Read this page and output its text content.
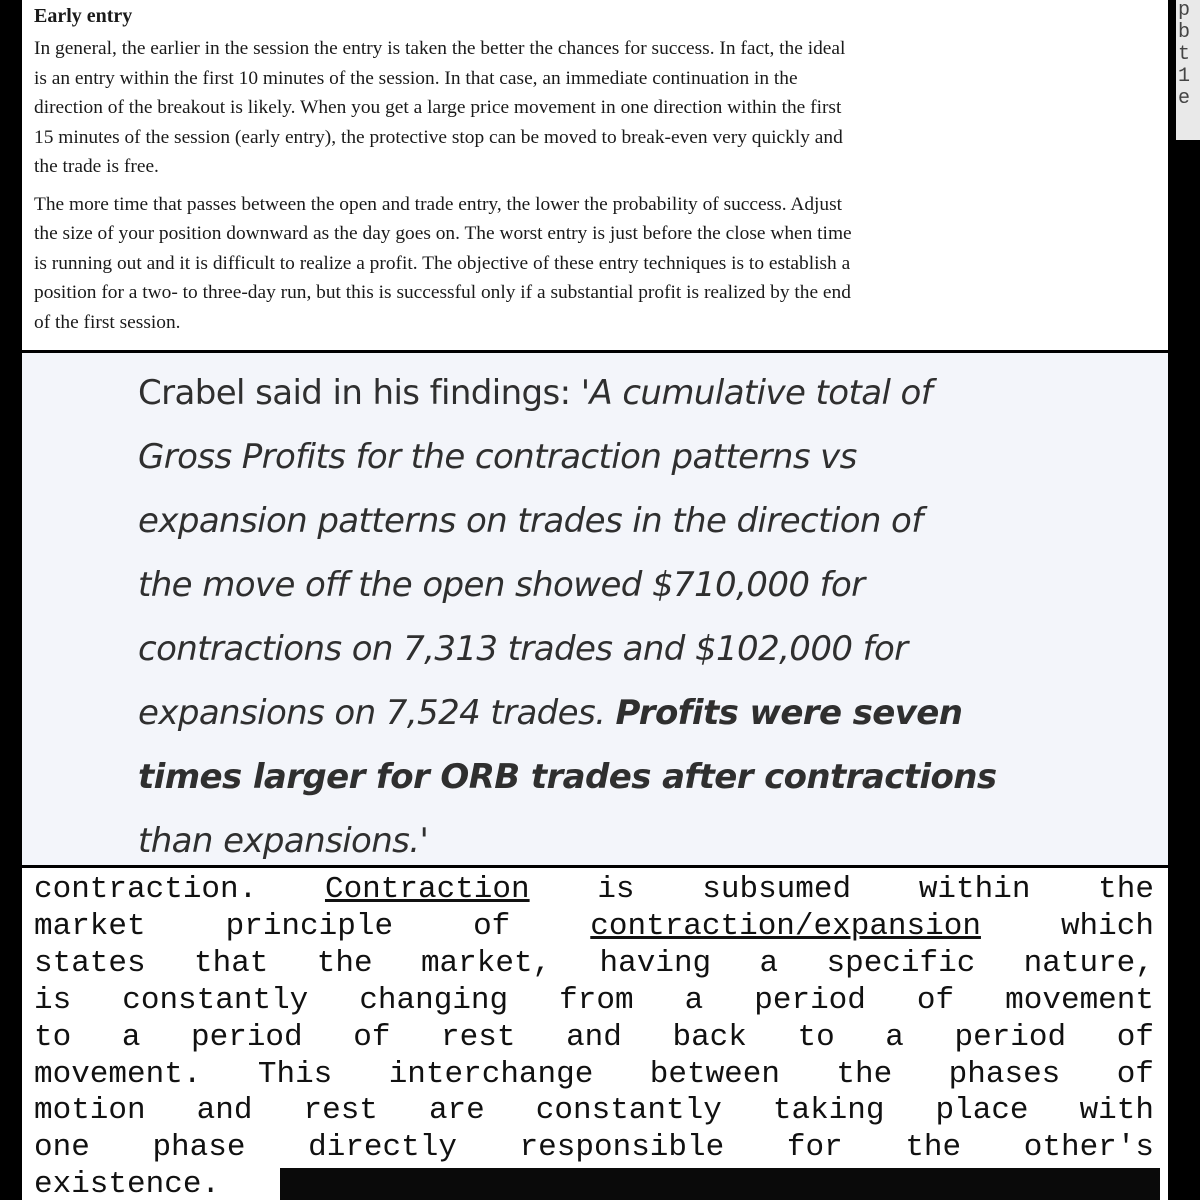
Early entry

In general, the earlier in the session the entry is taken the better the chances for success. In fact, the ideal
is an entry within the first 10 minutes of the session. In that case, an immediate continuation in the
direction of the breakout is likely. When you get a large price movement in one direction within the first
15 minutes of the session (early entry), the protective stop can be moved to break-even very quickly and
the trade is free.

The more time that passes between the open and trade entry, the lower the probability of success. Adjust
the size of your position downward as the day goes on. The worst entry is just before the close when time
is running out and it is difficult to realize a profit. The objective of these entry techniques is to establish a
position for a two- to three-day run, but this is successful only if a substantial profit is realized by the end
of the first session.

Crabel said in his findings: 'A cumulative total of
Gross Profits for the contraction patterns vs
expansion patterns on trades in the direction of
the move off the open showed $710,000 for
contractions on 7,313 trades and $102,000 for
expansions on 7,524 trades. Profits were seven
times larger for ORB trades after contractions
than expansions.'
contraction. Contraction is subsumed within the
market	principle	of	contraction/expansion	which
states that the market, having a specific nature,
is constantly changing from a period of movement
to a period of rest and back to a period of
movement. This interchange between the phases of
motion and rest are constantly taking place with
one phase directly responsible for the other's
existence.
p
b
t
1
e
